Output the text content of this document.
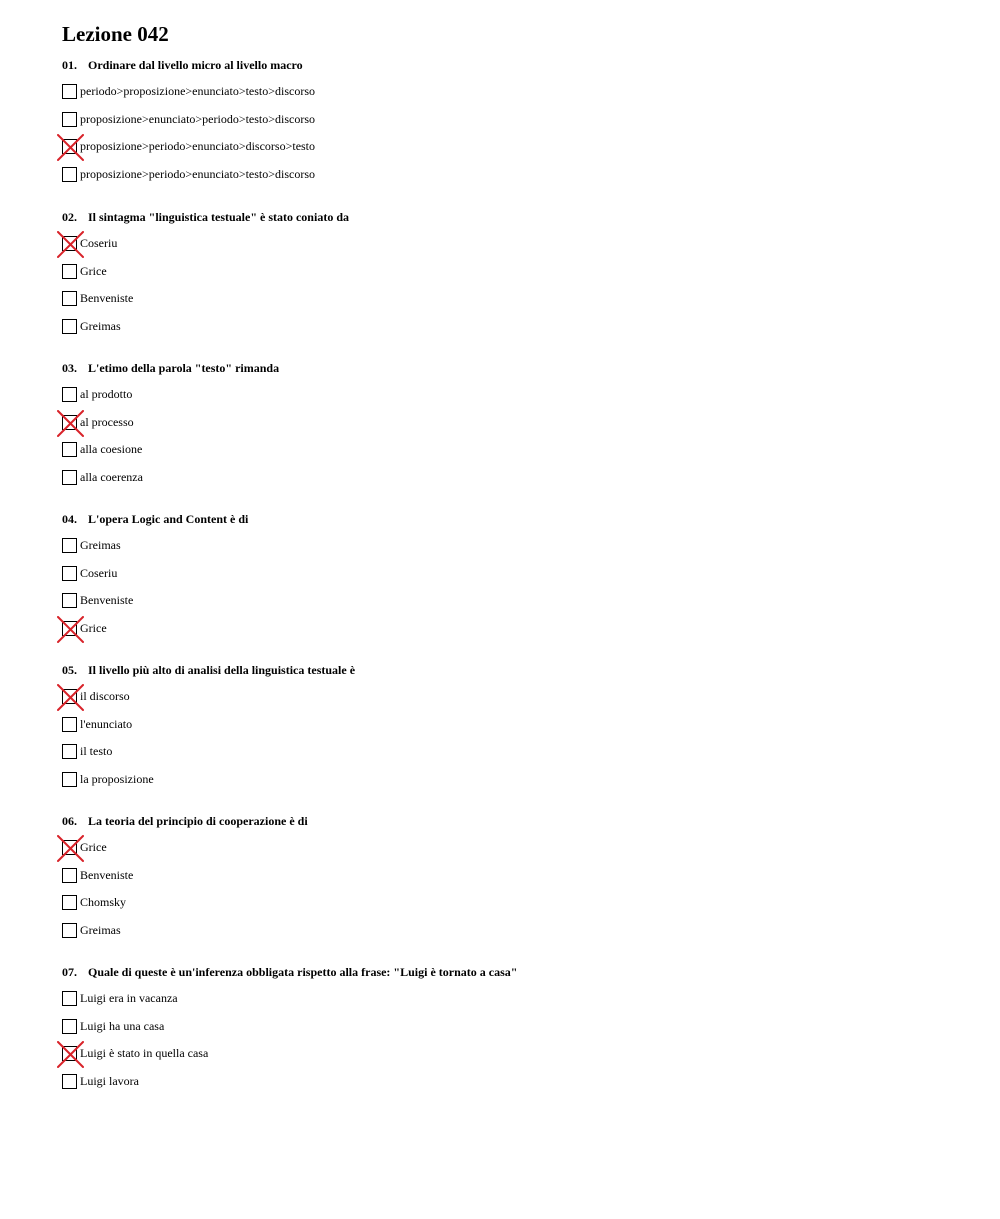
Lezione 042
01. Ordinare dal livello micro al livello macro
periodo>proposizione>enunciato>testo>discorso
proposizione>enunciato>periodo>testo>discorso
proposizione>periodo>enunciato>discorso>testo
proposizione>periodo>enunciato>testo>discorso
02. Il sintagma "linguistica testuale" è stato coniato da
Coseriu
Grice
Benveniste
Greimas
03. L'etimo della parola "testo" rimanda
al prodotto
al processo
alla coesione
alla coerenza
04. L'opera Logic and Content è di
Greimas
Coseriu
Benveniste
Grice
05. Il livello più alto di analisi della linguistica testuale è
il discorso
l'enunciato
il testo
la proposizione
06. La teoria del principio di cooperazione è di
Grice
Benveniste
Chomsky
Greimas
07. Quale di queste è un'inferenza obbligata rispetto alla frase: "Luigi è tornato a casa"
Luigi era in vacanza
Luigi ha una casa
Luigi è stato in quella casa
Luigi lavora
